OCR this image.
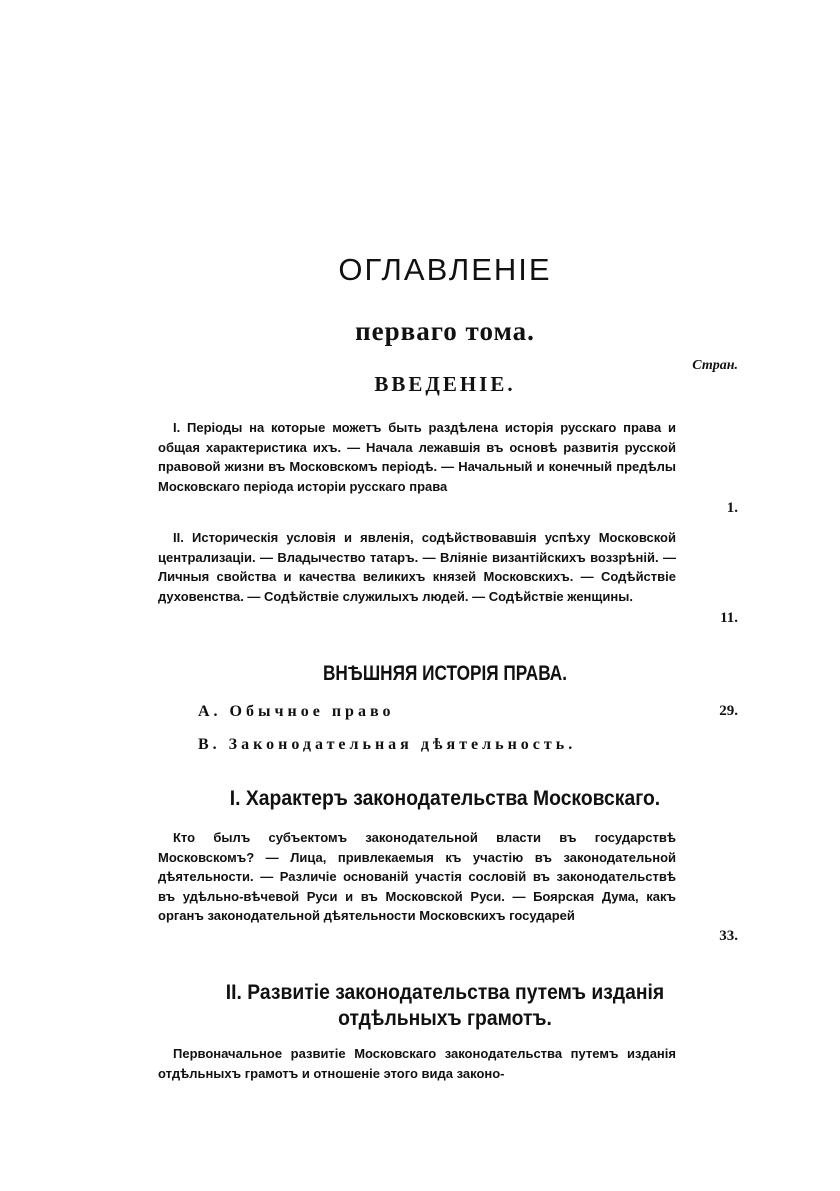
ОГЛАВЛЕНІЕ
перваго тома.
Стран.
ВВЕДЕНІЕ.
I. Періоды на которые можетъ быть раздѣлена исторія русскаго права и общая характеристика ихъ. — Начала лежавшія въ основѣ развитія русской правовой жизни въ Московскомъ періодѣ. — Начальный и конечный предѣлы Московскаго періода исторіи русскаго права
1.
II. Историческія условія и явленія, содѣйствовавшія успѣху Московской централизаціи. — Владычество татаръ. — Вліяніе византійскихъ воззрѣній. — Личныя свойства и качества великихъ князей Московскихъ. — Содѣйствіе духовенства. — Содѣйствіе служилыхъ людей. — Содѣйствіе женщины.
11.
ВНѢШНЯЯ ИСТОРІЯ ПРАВА.
A. Обычное право	29.
B. Законодательная дѣятельность.
I. Характеръ законодательства Московскаго.
Кто былъ субъектомъ законодательной власти въ государствѣ Московскомъ? — Лица, привлекаемыя къ участію въ законодательной дѣятельности. — Различіе основаній участія сословій въ законодательствѣ въ удѣльно-вѣчевой Руси и въ Московской Руси. — Боярская Дума, какъ органъ законодательной дѣятельности Московскихъ государей
33.
II. Развитіе законодательства путемъ изданія
отдѣльныхъ грамотъ.
Первоначальное развитіе Московскаго законодательства путемъ изданія отдѣльныхъ грамотъ и отношеніе этого вида законо-
